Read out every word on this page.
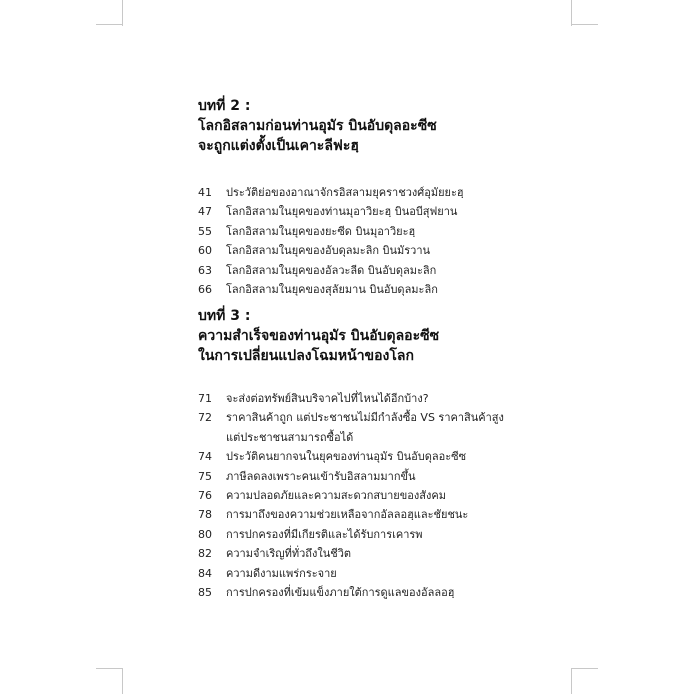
บทที่ 2 :
โลกอิสลามก่อนท่านอุมัร บินอับดุลอะซีซ
จะถูกแต่งตั้งเป็นเคาะลีฟะฮฺ
41	ประวัติย่อของอาณาจักรอิสลามยุคราชวงศ์อุมัยยะฮฺ
47	โลกอิสลามในยุคของท่านมุอาวิยะฮฺ บินอบีสุฟยาน
55	โลกอิสลามในยุคของยะซีด บินมุอาวิยะฮฺ
60	โลกอิสลามในยุคของอับดุลมะลิก บินมัรวาน
63	โลกอิสลามในยุคของอัลวะลีด บินอับดุลมะลิก
66	โลกอิสลามในยุคของสุลัยมาน บินอับดุลมะลิก
บทที่ 3 :
ความสำเร็จของท่านอุมัร บินอับดุลอะซีซ
ในการเปลี่ยนแปลงโฉมหน้าของโลก
71	จะส่งต่อทรัพย์สินบริจาคไปที่ไหนได้อีกบ้าง?
72	ราคาสินค้าถูก แต่ประชาชนไม่มีกำลังซื้อ VS ราคาสินค้าสูง
แต่ประชาชนสามารถซื้อได้
74	ประวัติคนยากจนในยุคของท่านอุมัร บินอับดุลอะซีซ
75	ภาษีลดลงเพราะคนเข้ารับอิสลามมากขึ้น
76	ความปลอดภัยและความสะดวกสบายของสังคม
78	การมาถึงของความช่วยเหลือจากอัลลอฮฺและชัยชนะ
80	การปกครองที่มีเกียรติและได้รับการเคารพ
82	ความจำเริญที่ทั่วถึงในชีวิต
84	ความดีงามแพร่กระจาย
85	การปกครองที่เข้มแข็งภายใต้การดูแลของอัลลอฮฺ
